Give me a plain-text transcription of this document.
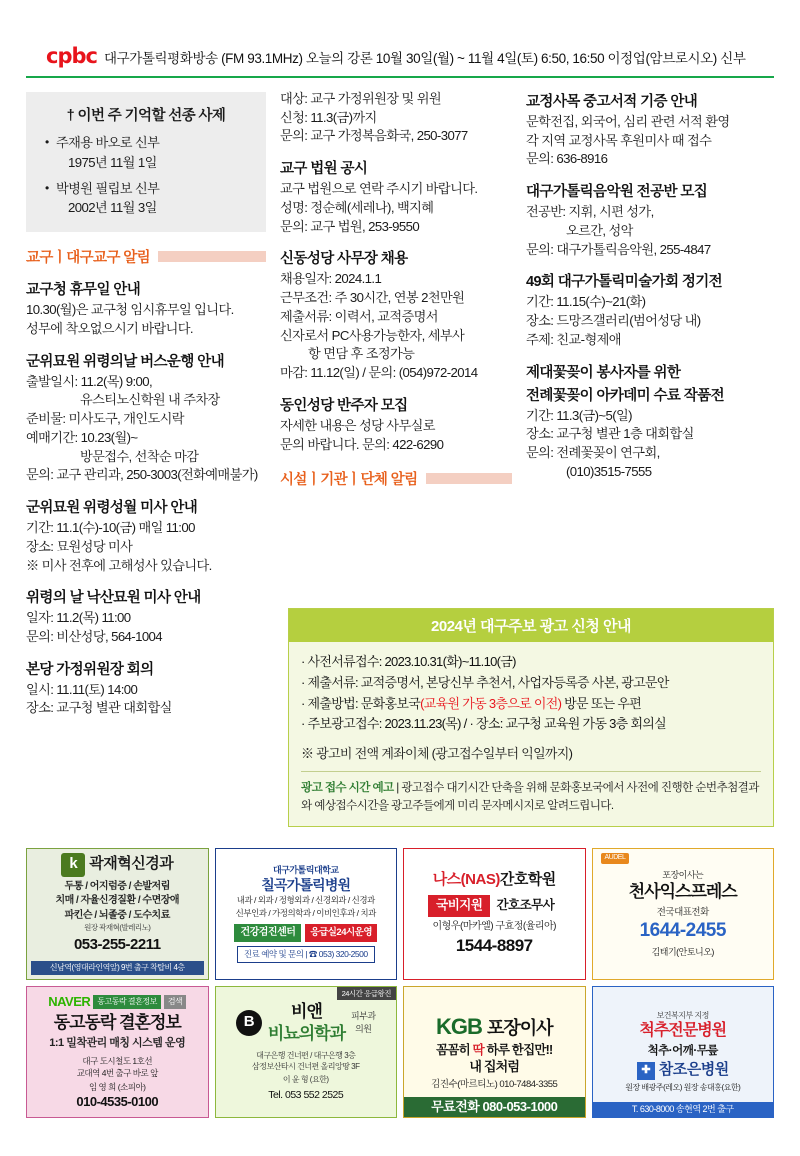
cpbc 대구가톨릭평화방송 (FM 93.1MHz) 오늘의 강론 10월 30일(월) ~ 11월 4일(토) 6:50, 16:50 이정업(암브로시오) 신부
† 이번 주 기억할 선종 사제
• 주재용 바오로 신부
1975년 11월 1일
• 박병원 필립보 신부
2002년 11월 3일
교구ㅣ대구교구 알림
교구청 휴무일 안내
10.30(월)은 교구청 임시휴무일 입니다.
성무에 착오없으시기 바랍니다.
군위묘원 위령의날 버스운행 안내
출발일시: 11.2(목) 9:00,
유스티노신학원 내 주차장
준비물: 미사도구, 개인도시락
예매기간: 10.23(월)~
방문접수, 선착순 마감
문의: 교구 관리과, 250-3003(전화예매불가)
군위묘원 위령성월 미사 안내
기간: 11.1(수)-10(금) 매일 11:00
장소: 묘원성당 미사
※ 미사 전후에 고해성사 있습니다.
위령의 날 낙산묘원 미사 안내
일자: 11.2(목) 11:00
문의: 비산성당, 564-1004
본당 가정위원장 회의
일시: 11.11(토) 14:00
장소: 교구청 별관 대회합실
대상: 교구 가정위원장 및 위원
신청: 11.3(금)까지
문의: 교구 가정복음화국, 250-3077
교구 법원 공시
교구 법원으로 연락 주시기 바랍니다.
성명: 정순혜(세레나), 백지혜
문의: 교구 법원, 253-9550
신동성당 사무장 채용
채용일자: 2024.1.1
근무조건: 주 30시간, 연봉 2천만원
제출서류: 이력서, 교적증명서
신자로서 PC사용가능한자, 세부사
항 면담 후 조정가능
마감: 11.12(일) / 문의: (054)972-2014
동인성당 반주자 모집
자세한 내용은 성당 사무실로
문의 바랍니다. 문의: 422-6290
시설ㅣ기관ㅣ단체 알림
교정사목 중고서적 기증 안내
문학전집, 외국어, 심리 관련 서적 환영
각 지역 교정사목 후원미사 때 접수
문의: 636-8916
대구가톨릭음악원 전공반 모집
전공반: 지휘, 시편 성가,
오르간, 성악
문의: 대구가톨릭음악원, 255-4847
49회 대구가톨릭미술가회 정기전
기간: 11.15(수)~21(화)
장소: 드망즈갤러리(범어성당 내)
주제: 친교-형제애
제대꽃꽂이 봉사자를 위한
전례꽃꽂이 아카데미 수료 작품전
기간: 11.3(금)~5(일)
장소: 교구청 별관 1층 대회합실
문의: 전례꽃꽂이 연구회,
(010)3515-7555
2024년 대구주보 광고 신청 안내
· 사전서류접수: 2023.10.31(화)~11.10(금)
· 제출서류: 교적증명서, 본당신부 추천서, 사업자등록증 사본, 광고문안
· 제출방법: 문화홍보국(교육원 가동 3층으로 이전) 방문 또는 우편
· 주보광고접수: 2023.11.23(목) / · 장소: 교구청 교육원 가동 3층 회의실
※ 광고비 전액 계좌이체 (광고접수일부터 익일까지)
광고 접수 시간 예고 | 광고접수 대기시간 단축을 위해 문화홍보국에서 사전에 진행한 순번추첨결과와 예상접수시간을 광고주들에게 미리 문자메시지로 알려드립니다.
k 곽재혁신경과
두통 / 어지럼증 / 손발저림
치매 / 자율신경질환 / 수면장애
파킨슨 / 뇌졸중 / 도수치료
원장 곽재혁(발레리노)
053-255-2211
신남역(영대라인역앞) 9번 출구 착탑비 4층
대구가톨릭대학교
칠곡가톨릭병원
내과 / 외과 / 정형외과 / 신경외과 / 신경과
신부인과 / 가정의학과 / 이비인후과 / 치과
건강검진센터	응급실24시운영
진료 예약 및 문의 | ☎ 053) 320-2500
나스(NAS)간호학원
국비지원 간호조무사
이형우(마카엘) 구효정(율리아)
1544-8897
AUDEL
포장이사는
천사익스프레스
전국대표전화
1644-2455
김태기(안토니오)
NAVER 동고동락 결혼정보	검색
동고동락 결혼정보
1:1 밀착관리 매칭 시스템 운영
대구 도시철도 1호선
교대역 4번 출구 바로 앞
임 영 희 (소피아)
010-4535-0100
24시간 응급왕진
B
비앤
비뇨의학과
피부과
의원
대구은행 건너편 / 대구은행 3층
삼정보산타시 건너편 올리앙땅 3F
이 윤 형 (요한)
Tel. 053 552 2525
KGB 포장이사
꼼꼼히 딱 하루 한집만!!
내 집처럼
김진수(마르티노) 010-7484-3355
무료전화 080-053-1000
보건복지부 지정
척추전문병원
척추·어깨·무릎
✚ 참조은병원
원장 배광주(레오) 원장 송대홍(요한)
T. 630-8000 송현역 2번 출구
